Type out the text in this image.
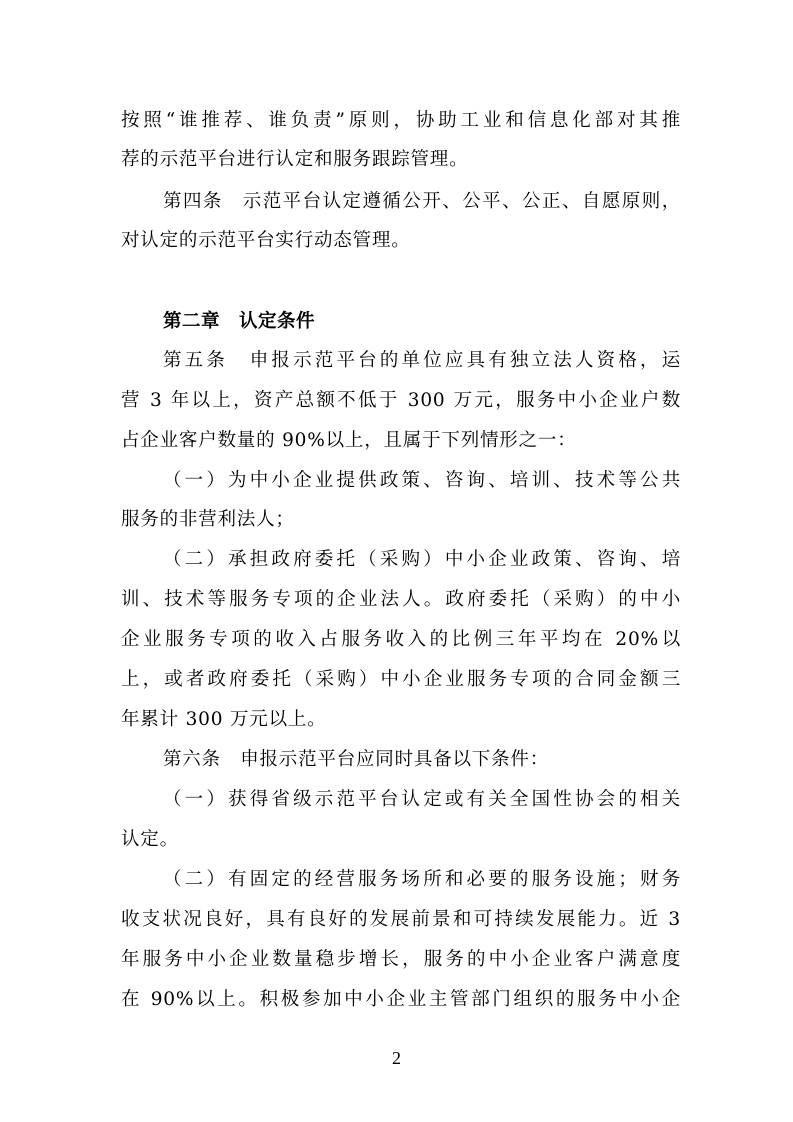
按照“谁推荐、谁负责”原则，协助工业和信息化部对其推
荐的示范平台进行认定和服务跟踪管理。
第四条　示范平台认定遵循公开、公平、公正、自愿原则，
对认定的示范平台实行动态管理。
第二章　认定条件
第五条　申报示范平台的单位应具有独立法人资格，运
营 3 年以上，资产总额不低于 300 万元，服务中小企业户数
占企业客户数量的 90%以上，且属于下列情形之一：
（一）为中小企业提供政策、咨询、培训、技术等公共
服务的非营利法人；
（二）承担政府委托（采购）中小企业政策、咨询、培
训、技术等服务专项的企业法人。政府委托（采购）的中小
企业服务专项的收入占服务收入的比例三年平均在 20%以
上，或者政府委托（采购）中小企业服务专项的合同金额三
年累计 300 万元以上。
第六条　申报示范平台应同时具备以下条件：
（一）获得省级示范平台认定或有关全国性协会的相关
认定。
（二）有固定的经营服务场所和必要的服务设施；财务
收支状况良好，具有良好的发展前景和可持续发展能力。近 3
年服务中小企业数量稳步增长，服务的中小企业客户满意度
在 90%以上。积极参加中小企业主管部门组织的服务中小企
2
